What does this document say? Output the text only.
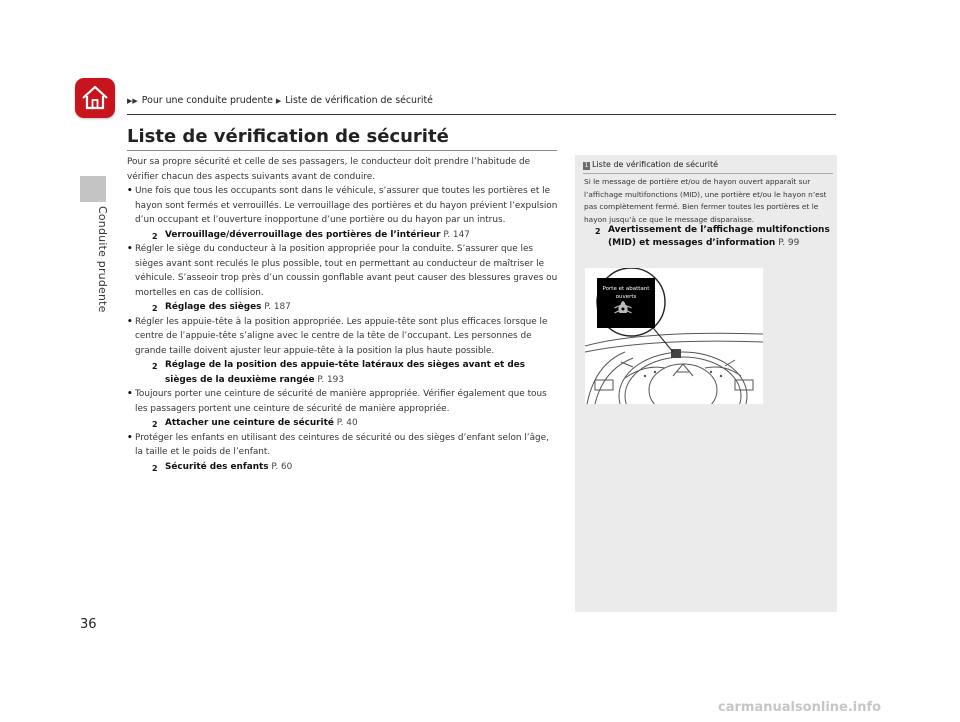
Conduite prudente
▶▶ Pour une conduite prudente ▶ Liste de vérification de sécurité
Liste de vérification de sécurité

Pour sa propre sécurité et celle de ses passagers, le conducteur doit prendre l’habitude de vérifier chacun des aspects suivants avant de conduire.

• Une fois que tous les occupants sont dans le véhicule, s’assurer que toutes les portières et le hayon sont fermés et verrouillés. Le verrouillage des portières et du hayon prévient l’expulsion d’un occupant et l’ouverture inopportune d’une portière ou du hayon par un intrus.
2 Verrouillage/déverrouillage des portières de l’intérieur P. 147
• Régler le siège du conducteur à la position appropriée pour la conduite. S’assurer que les sièges avant sont reculés le plus possible, tout en permettant au conducteur de maîtriser le véhicule. S’asseoir trop près d’un coussin gonflable avant peut causer des blessures graves ou mortelles en cas de collision.
2 Réglage des sièges P. 187
• Régler les appuie-tête à la position appropriée. Les appuie-tête sont plus efficaces lorsque le centre de l’appuie-tête s’aligne avec le centre de la tête de l’occupant. Les personnes de grande taille doivent ajuster leur appuie-tête à la position la plus haute possible.
2 Réglage de la position des appuie-tête latéraux des sièges avant et des sièges de la deuxième rangée P. 193
• Toujours porter une ceinture de sécurité de manière appropriée. Vérifier également que tous les passagers portent une ceinture de sécurité de manière appropriée.
2 Attacher une ceinture de sécurité P. 40
• Protéger les enfants en utilisant des ceintures de sécurité ou des sièges d’enfant selon l’âge, la taille et le poids de l’enfant.
2 Sécurité des enfants P. 60
1 Liste de vérification de sécurité

Si le message de portière et/ou de hayon ouvert apparaît sur l’affichage multifonctions (MID), une portière et/ou le hayon n’est pas complètement fermé. Bien fermer toutes les portières et le hayon jusqu’à ce que le message disparaisse.

2 Avertissement de l’affichage multifonctions (MID) et messages d’information P. 99
Porte et abattant ouverts
36
carmanualsonline.info
